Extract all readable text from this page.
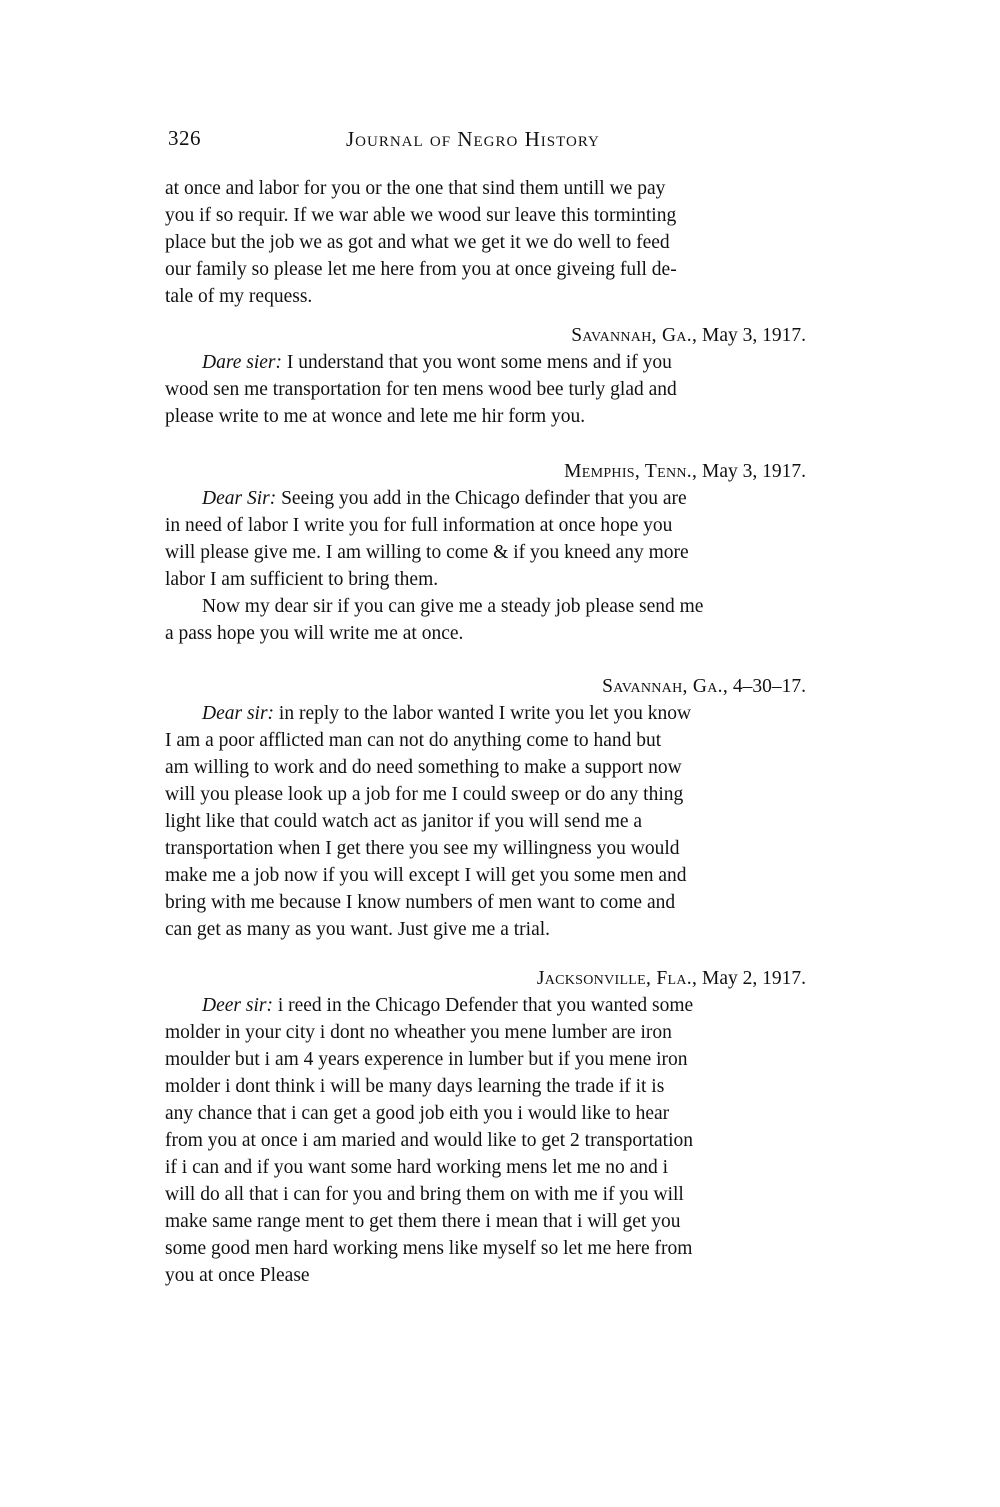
326	Journal of Negro History
at once and labor for you or the one that sind them untill we pay
you if so requir. If we war able we wood sur leave this torminting
place but the job we as got and what we get it we do well to feed
our family so please let me here from you at once giveing full de-
tale of my requess.
Savannah, Ga., May 3, 1917.
Dare sier: I understand that you wont some mens and if you
wood sen me transportation for ten mens wood bee turly glad and
please write to me at wonce and lete me hir form you.
Memphis, Tenn., May 3, 1917.
Dear Sir: Seeing you add in the Chicago definder that you are
in need of labor I write you for full information at once hope you
will please give me. I am willing to come & if you kneed any more
labor I am sufficient to bring them.
Now my dear sir if you can give me a steady job please send me
a pass hope you will write me at once.
Savannah, Ga., 4–30–17.
Dear sir: in reply to the labor wanted I write you let you know
I am a poor afflicted man can not do anything come to hand but
am willing to work and do need something to make a support now
will you please look up a job for me I could sweep or do any thing
light like that could watch act as janitor if you will send me a
transportation when I get there you see my willingness you would
make me a job now if you will except I will get you some men and
bring with me because I know numbers of men want to come and
can get as many as you want. Just give me a trial.
Jacksonville, Fla., May 2, 1917.
Deer sir: i reed in the Chicago Defender that you wanted some
molder in your city i dont no wheather you mene lumber are iron
moulder but i am 4 years experence in lumber but if you mene iron
molder i dont think i will be many days learning the trade if it is
any chance that i can get a good job eith you i would like to hear
from you at once i am maried and would like to get 2 transportation
if i can and if you want some hard working mens let me no and i
will do all that i can for you and bring them on with me if you will
make same range ment to get them there i mean that i will get you
some good men hard working mens like myself so let me here from
you at once Please
